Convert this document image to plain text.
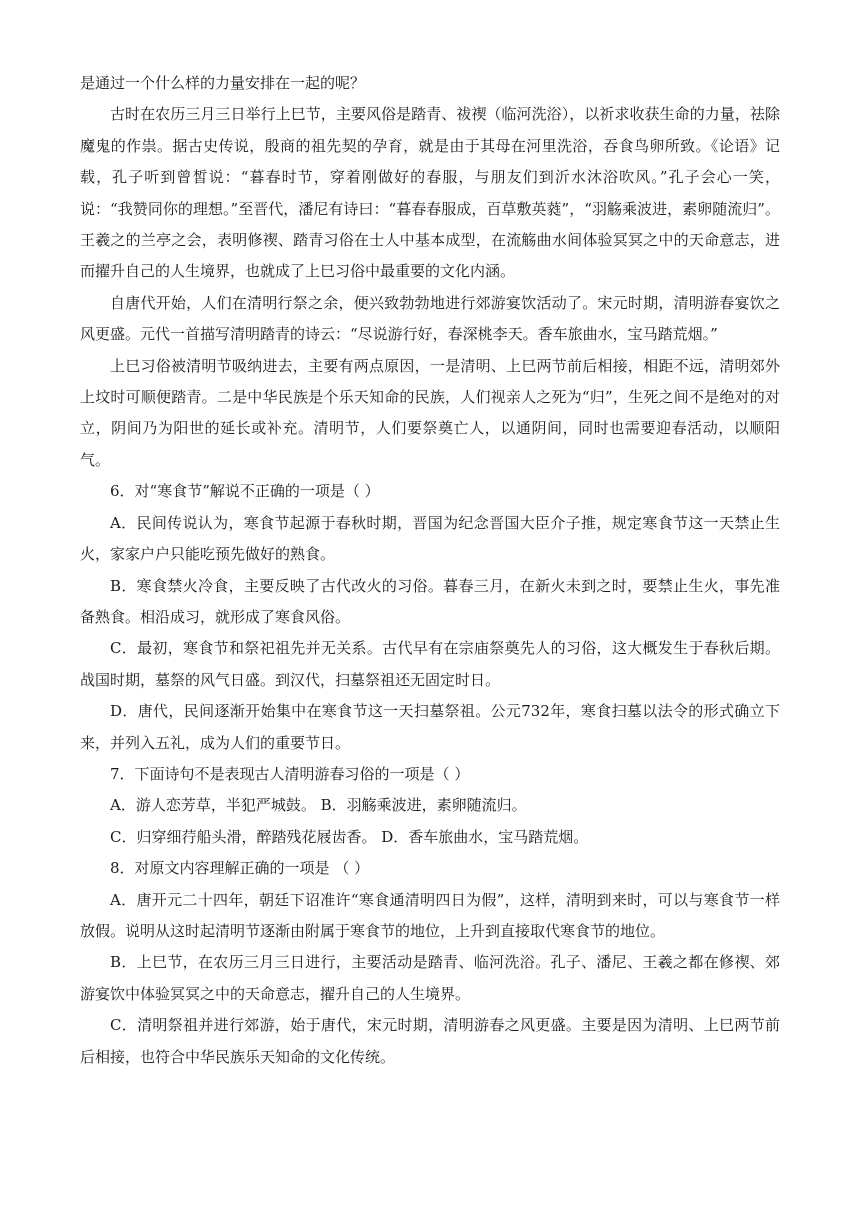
是通过一个什么样的力量安排在一起的呢？

古时在农历三月三日举行上巳节，主要风俗是踏青、祓禊（临河洗浴），以祈求收获生命的力量，祛除魔鬼的作祟。据古史传说，殷商的祖先契的孕育，就是由于其母在河里洗浴，吞食鸟卵所致。《论语》记载，孔子听到曾皙说：“暮春时节，穿着刚做好的春服，与朋友们到沂水沐浴吹风。”孔子会心一笑，说：“我赞同你的理想。”至晋代，潘尼有诗曰：“暮春春服成，百草敷英蕤”，“羽觞乘波进，素卵随流归”。王羲之的兰亭之会，表明修禊、踏青习俗在士人中基本成型，在流觞曲水间体验冥冥之中的天命意志，进而擢升自己的人生境界，也就成了上巳习俗中最重要的文化内涵。

自唐代开始，人们在清明行祭之余，便兴致勃勃地进行郊游宴饮活动了。宋元时期，清明游春宴饮之风更盛。元代一首描写清明踏青的诗云：“尽说游行好，春深桃李天。香车旅曲水，宝马踏荒烟。”

上巳习俗被清明节吸纳进去，主要有两点原因，一是清明、上巳两节前后相接，相距不远，清明郊外上坟时可顺便踏青。二是中华民族是个乐天知命的民族，人们视亲人之死为“归”，生死之间不是绝对的对立，阴间乃为阳世的延长或补充。清明节，人们要祭奠亡人，以通阴间，同时也需要迎春活动，以顺阳气。

6．对“寒食节”解说不正确的一项是（ ）

A．民间传说认为，寒食节起源于春秋时期，晋国为纪念晋国大臣介子推，规定寒食节这一天禁止生火，家家户户只能吃预先做好的熟食。

B．寒食禁火冷食，主要反映了古代改火的习俗。暮春三月，在新火未到之时，要禁止生火，事先准备熟食。相沿成习，就形成了寒食风俗。

C．最初，寒食节和祭祀祖先并无关系。古代早有在宗庙祭奠先人的习俗，这大概发生于春秋后期。战国时期，墓祭的风气日盛。到汉代，扫墓祭祖还无固定时日。

D．唐代，民间逐渐开始集中在寒食节这一天扫墓祭祖。公元732年，寒食扫墓以法令的形式确立下来，并列入五礼，成为人们的重要节日。

7．下面诗句不是表现古人清明游春习俗的一项是（ ）

A．游人恋芳草，半犯严城鼓。 B．羽觞乘波进，素卵随流归。

C．归穿细荇船头滑，醉踏残花屐齿香。 D．香车旅曲水，宝马踏荒烟。

8．对原文内容理解正确的一项是 （ ）

A．唐开元二十四年，朝廷下诏准许“寒食通清明四日为假”，这样，清明到来时，可以与寒食节一样放假。说明从这时起清明节逐渐由附属于寒食节的地位，上升到直接取代寒食节的地位。

B．上巳节，在农历三月三日进行，主要活动是踏青、临河洗浴。孔子、潘尼、王羲之都在修禊、郊游宴饮中体验冥冥之中的天命意志，擢升自己的人生境界。

C．清明祭祖并进行郊游，始于唐代，宋元时期，清明游春之风更盛。主要是因为清明、上巳两节前后相接，也符合中华民族乐天知命的文化传统。
